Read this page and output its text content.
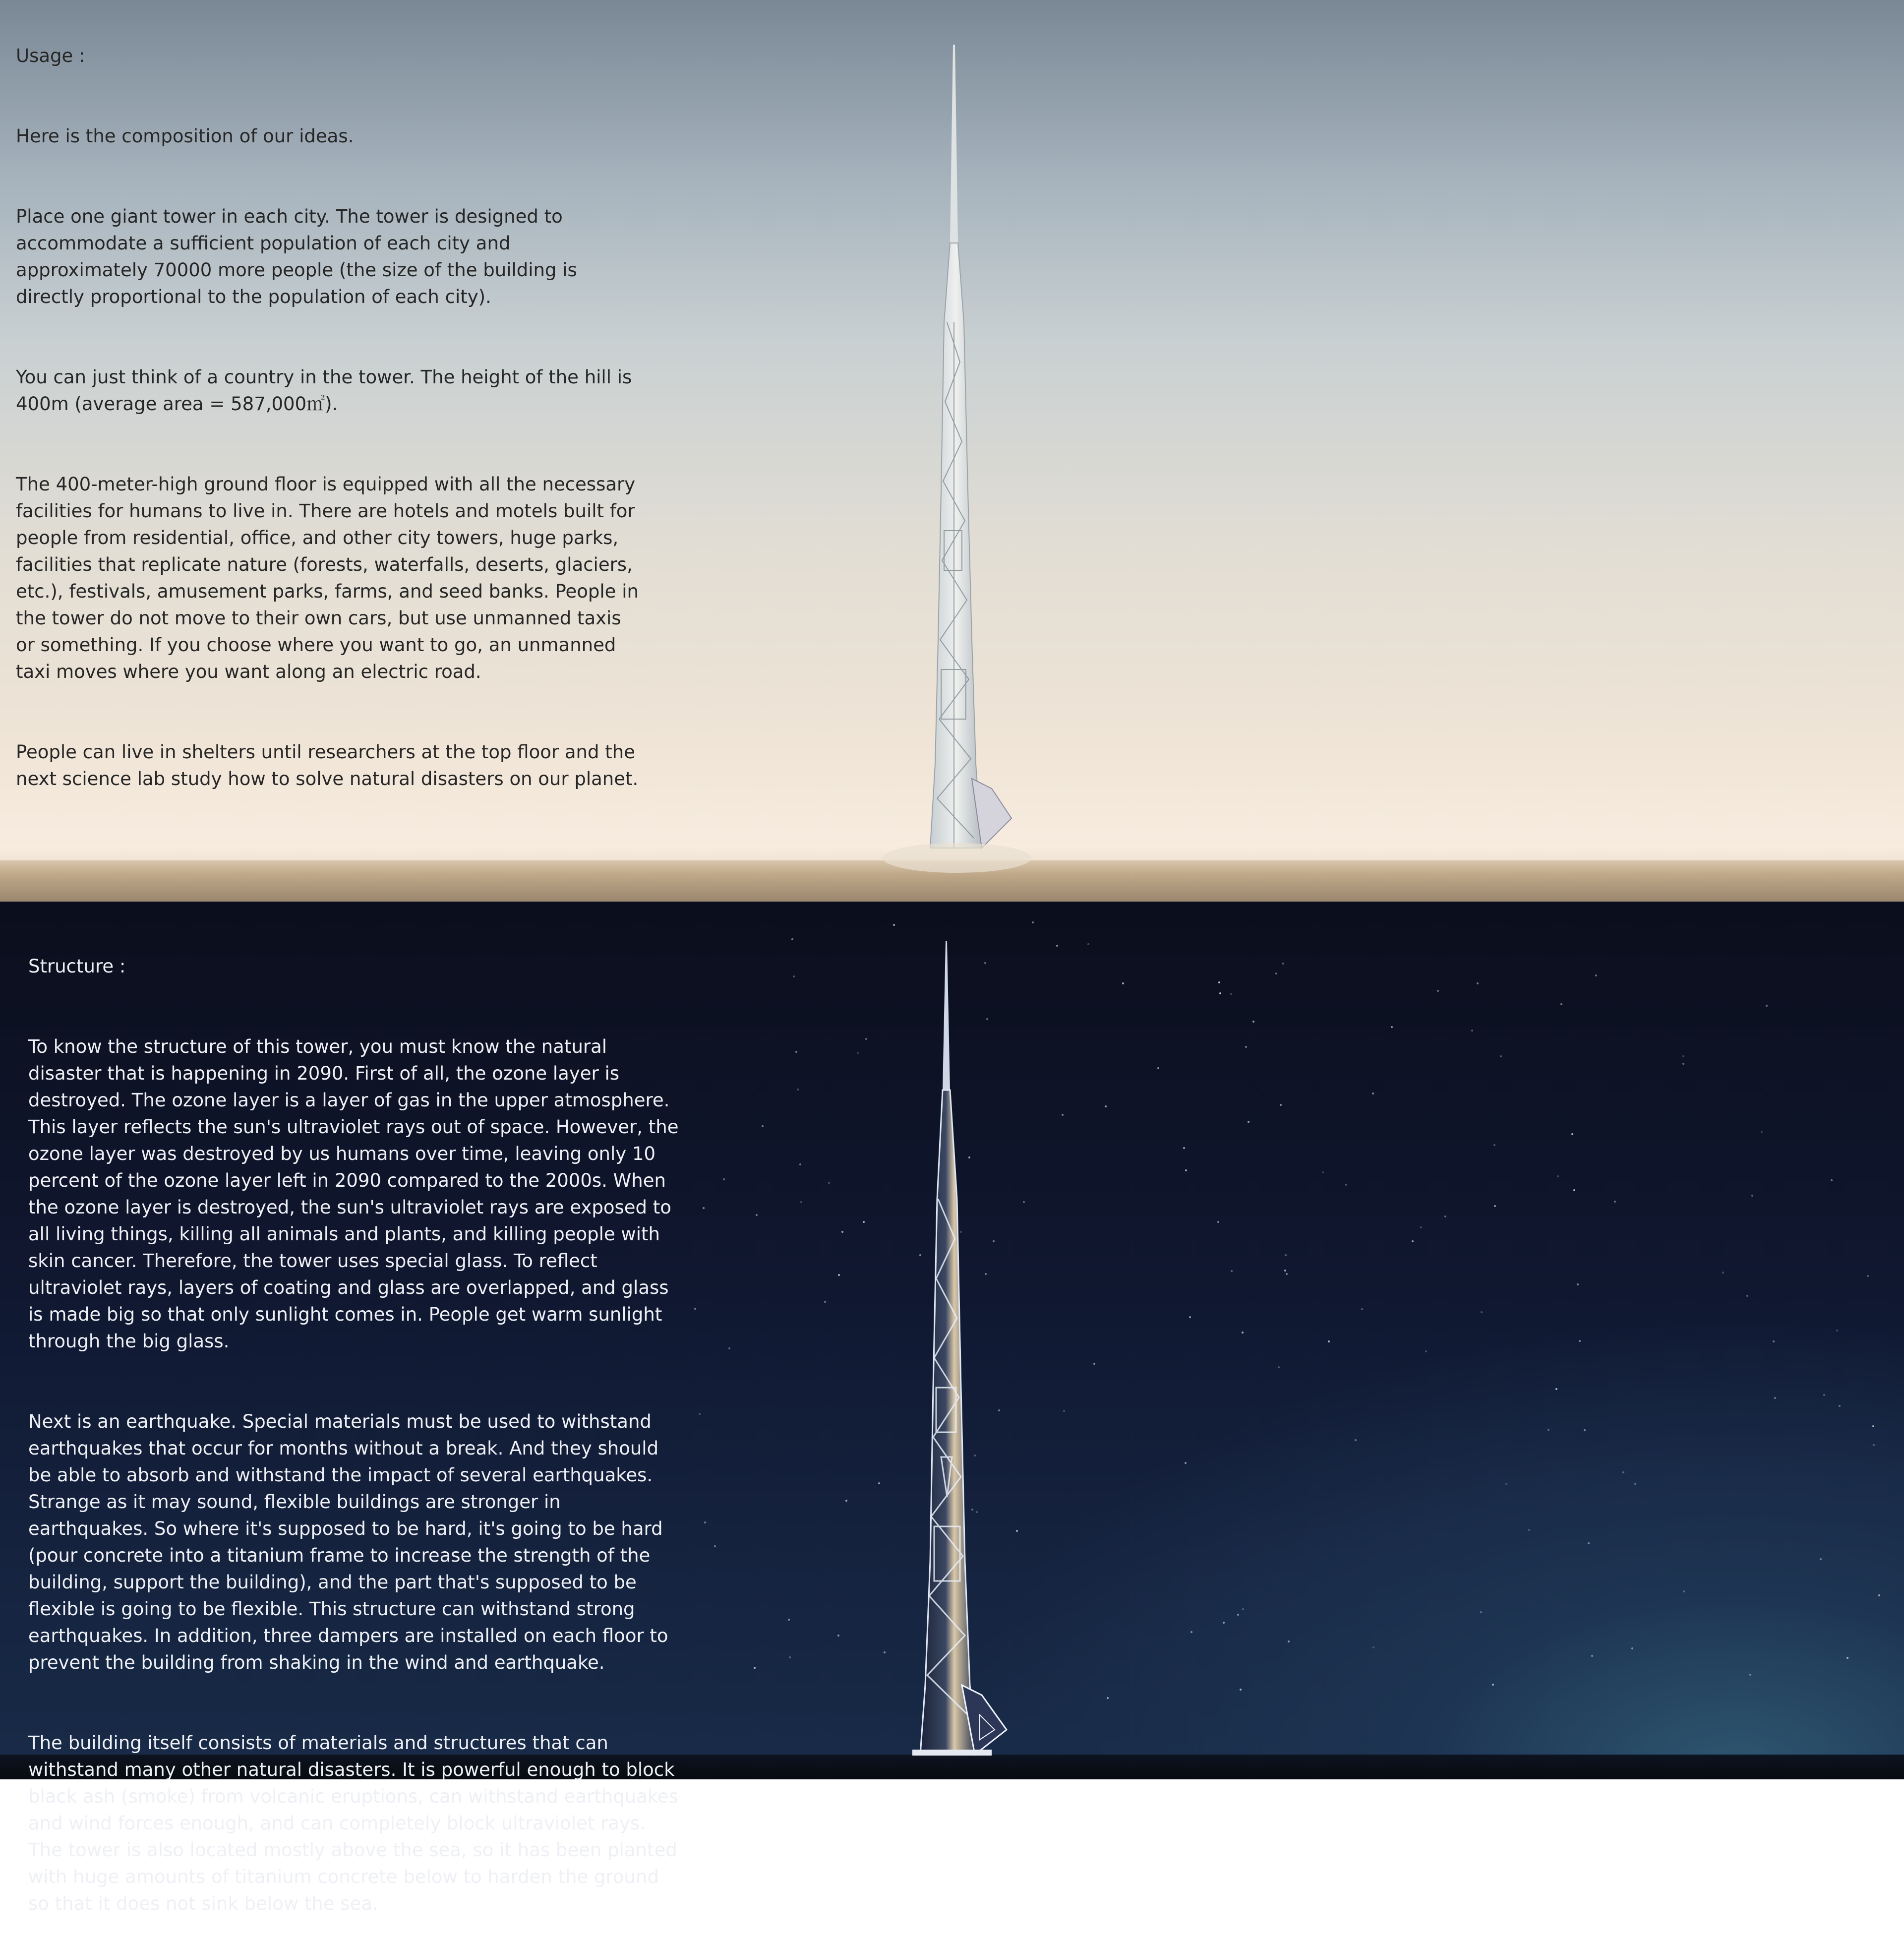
Usage :

Here is the composition of our ideas.

Place one giant tower in each city. The tower is designed to accommodate a sufficient population of each city and approximately 70000 more people (the size of the building is directly proportional to the population of each city).

You can just think of a country in the tower. The height of the hill is 400m (average area = 587,000㎡).

The 400-meter-high ground floor is equipped with all the necessary facilities for humans to live in. There are hotels and motels built for people from residential, office, and other city towers, huge parks, facilities that replicate nature (forests, waterfalls, deserts, glaciers, etc.), festivals, amusement parks, farms, and seed banks. People in the tower do not move to their own cars, but use unmanned taxis or something. If you choose where you want to go, an unmanned taxi moves where you want along an electric road.

People can live in shelters until researchers at the top floor and the next science lab study how to solve natural disasters on our planet.

Structure :

To know the structure of this tower, you must know the natural disaster that is happening in 2090. First of all, the ozone layer is destroyed. The ozone layer is a layer of gas in the upper atmosphere. This layer reflects the sun's ultraviolet rays out of space. However, the ozone layer was destroyed by us humans over time, leaving only 10 percent of the ozone layer left in 2090 compared to the 2000s. When the ozone layer is destroyed, the sun's ultraviolet rays are exposed to all living things, killing all animals and plants, and killing people with skin cancer. Therefore, the tower uses special glass. To reflect ultraviolet rays, layers of coating and glass are overlapped, and glass is made big so that only sunlight comes in. People get warm sunlight through the big glass.

Next is an earthquake. Special materials must be used to withstand earthquakes that occur for months without a break. And they should be able to absorb and withstand the impact of several earthquakes. Strange as it may sound, flexible buildings are stronger in earthquakes. So where it's supposed to be hard, it's going to be hard (pour concrete into a titanium frame to increase the strength of the building, support the building), and the part that's supposed to be flexible is going to be flexible. This structure can withstand strong earthquakes. In addition, three dampers are installed on each floor to prevent the building from shaking in the wind and earthquake.

The building itself consists of materials and structures that can withstand many other natural disasters. It is powerful enough to block black ash (smoke) from volcanic eruptions, can withstand earthquakes and wind forces enough, and can completely block ultraviolet rays. The tower is also located mostly above the sea, so it has been planted with huge amounts of titanium concrete below to harden the ground so that it does not sink below the sea.
